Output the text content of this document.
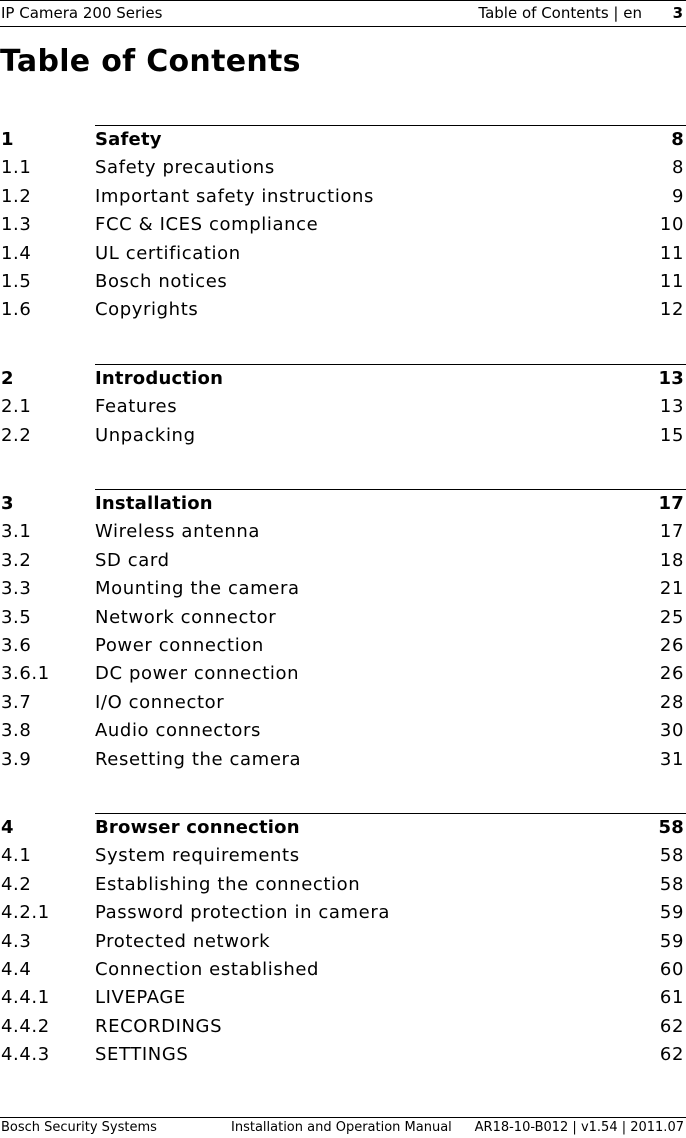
IP Camera 200 Series	Table of Contents | en 3
Table of Contents
1	Safety	8
1.1	Safety precautions	8
1.2	Important safety instructions	9
1.3	FCC & ICES compliance	10
1.4	UL certification	11
1.5	Bosch notices	11
1.6	Copyrights	12
2	Introduction	13
2.1	Features	13
2.2	Unpacking	15
3	Installation	17
3.1	Wireless antenna	17
3.2	SD card	18
3.3	Mounting the camera	21
3.5	Network connector	25
3.6	Power connection	26
3.6.1	DC power connection	26
3.7	I/O connector	28
3.8	Audio connectors	30
3.9	Resetting the camera	31
4	Browser connection	58
4.1	System requirements	58
4.2	Establishing the connection	58
4.2.1	Password protection in camera	59
4.3	Protected network	59
4.4	Connection established	60
4.4.1	LIVEPAGE	61
4.4.2	RECORDINGS	62
4.4.3	SETTINGS	62
Bosch Security Systems	Installation and Operation Manual AR18-10-B012 | v1.54 | 2011.07
